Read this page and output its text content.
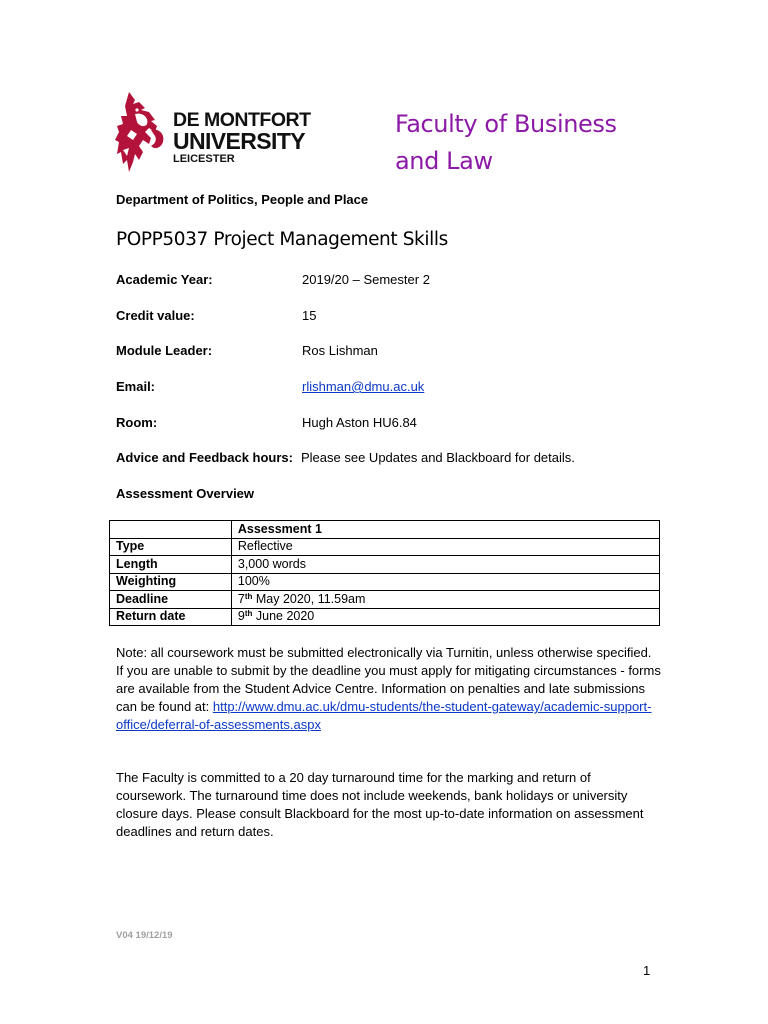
DE MONTFORT
UNIVERSITY
LEICESTER
Faculty of Business
and Law
Department of Politics, People and Place
POPP5037 Project Management Skills
Academic Year:	2019/20 – Semester 2
Credit value:	15
Module Leader:	Ros Lishman
Email:	rlishman@dmu.ac.uk
Room:	Hugh Aston HU6.84
Advice and Feedback hours: Please see Updates and Blackboard for details.
Assessment Overview
	Assessment 1
Type	Reflective
Length	3,000 words
Weighting	100%
Deadline	7th May 2020, 11.59am
Return date	9th June 2020
Note: all coursework must be submitted electronically via Turnitin, unless otherwise specified. If you are unable to submit by the deadline you must apply for mitigating circumstances - forms are available from the Student Advice Centre. Information on penalties and late submissions can be found at: http://www.dmu.ac.uk/dmu-students/the-student-gateway/academic-support-office/deferral-of-assessments.aspx
The Faculty is committed to a 20 day turnaround time for the marking and return of coursework. The turnaround time does not include weekends, bank holidays or university closure days. Please consult Blackboard for the most up-to-date information on assessment deadlines and return dates.
V04 19/12/19
1
